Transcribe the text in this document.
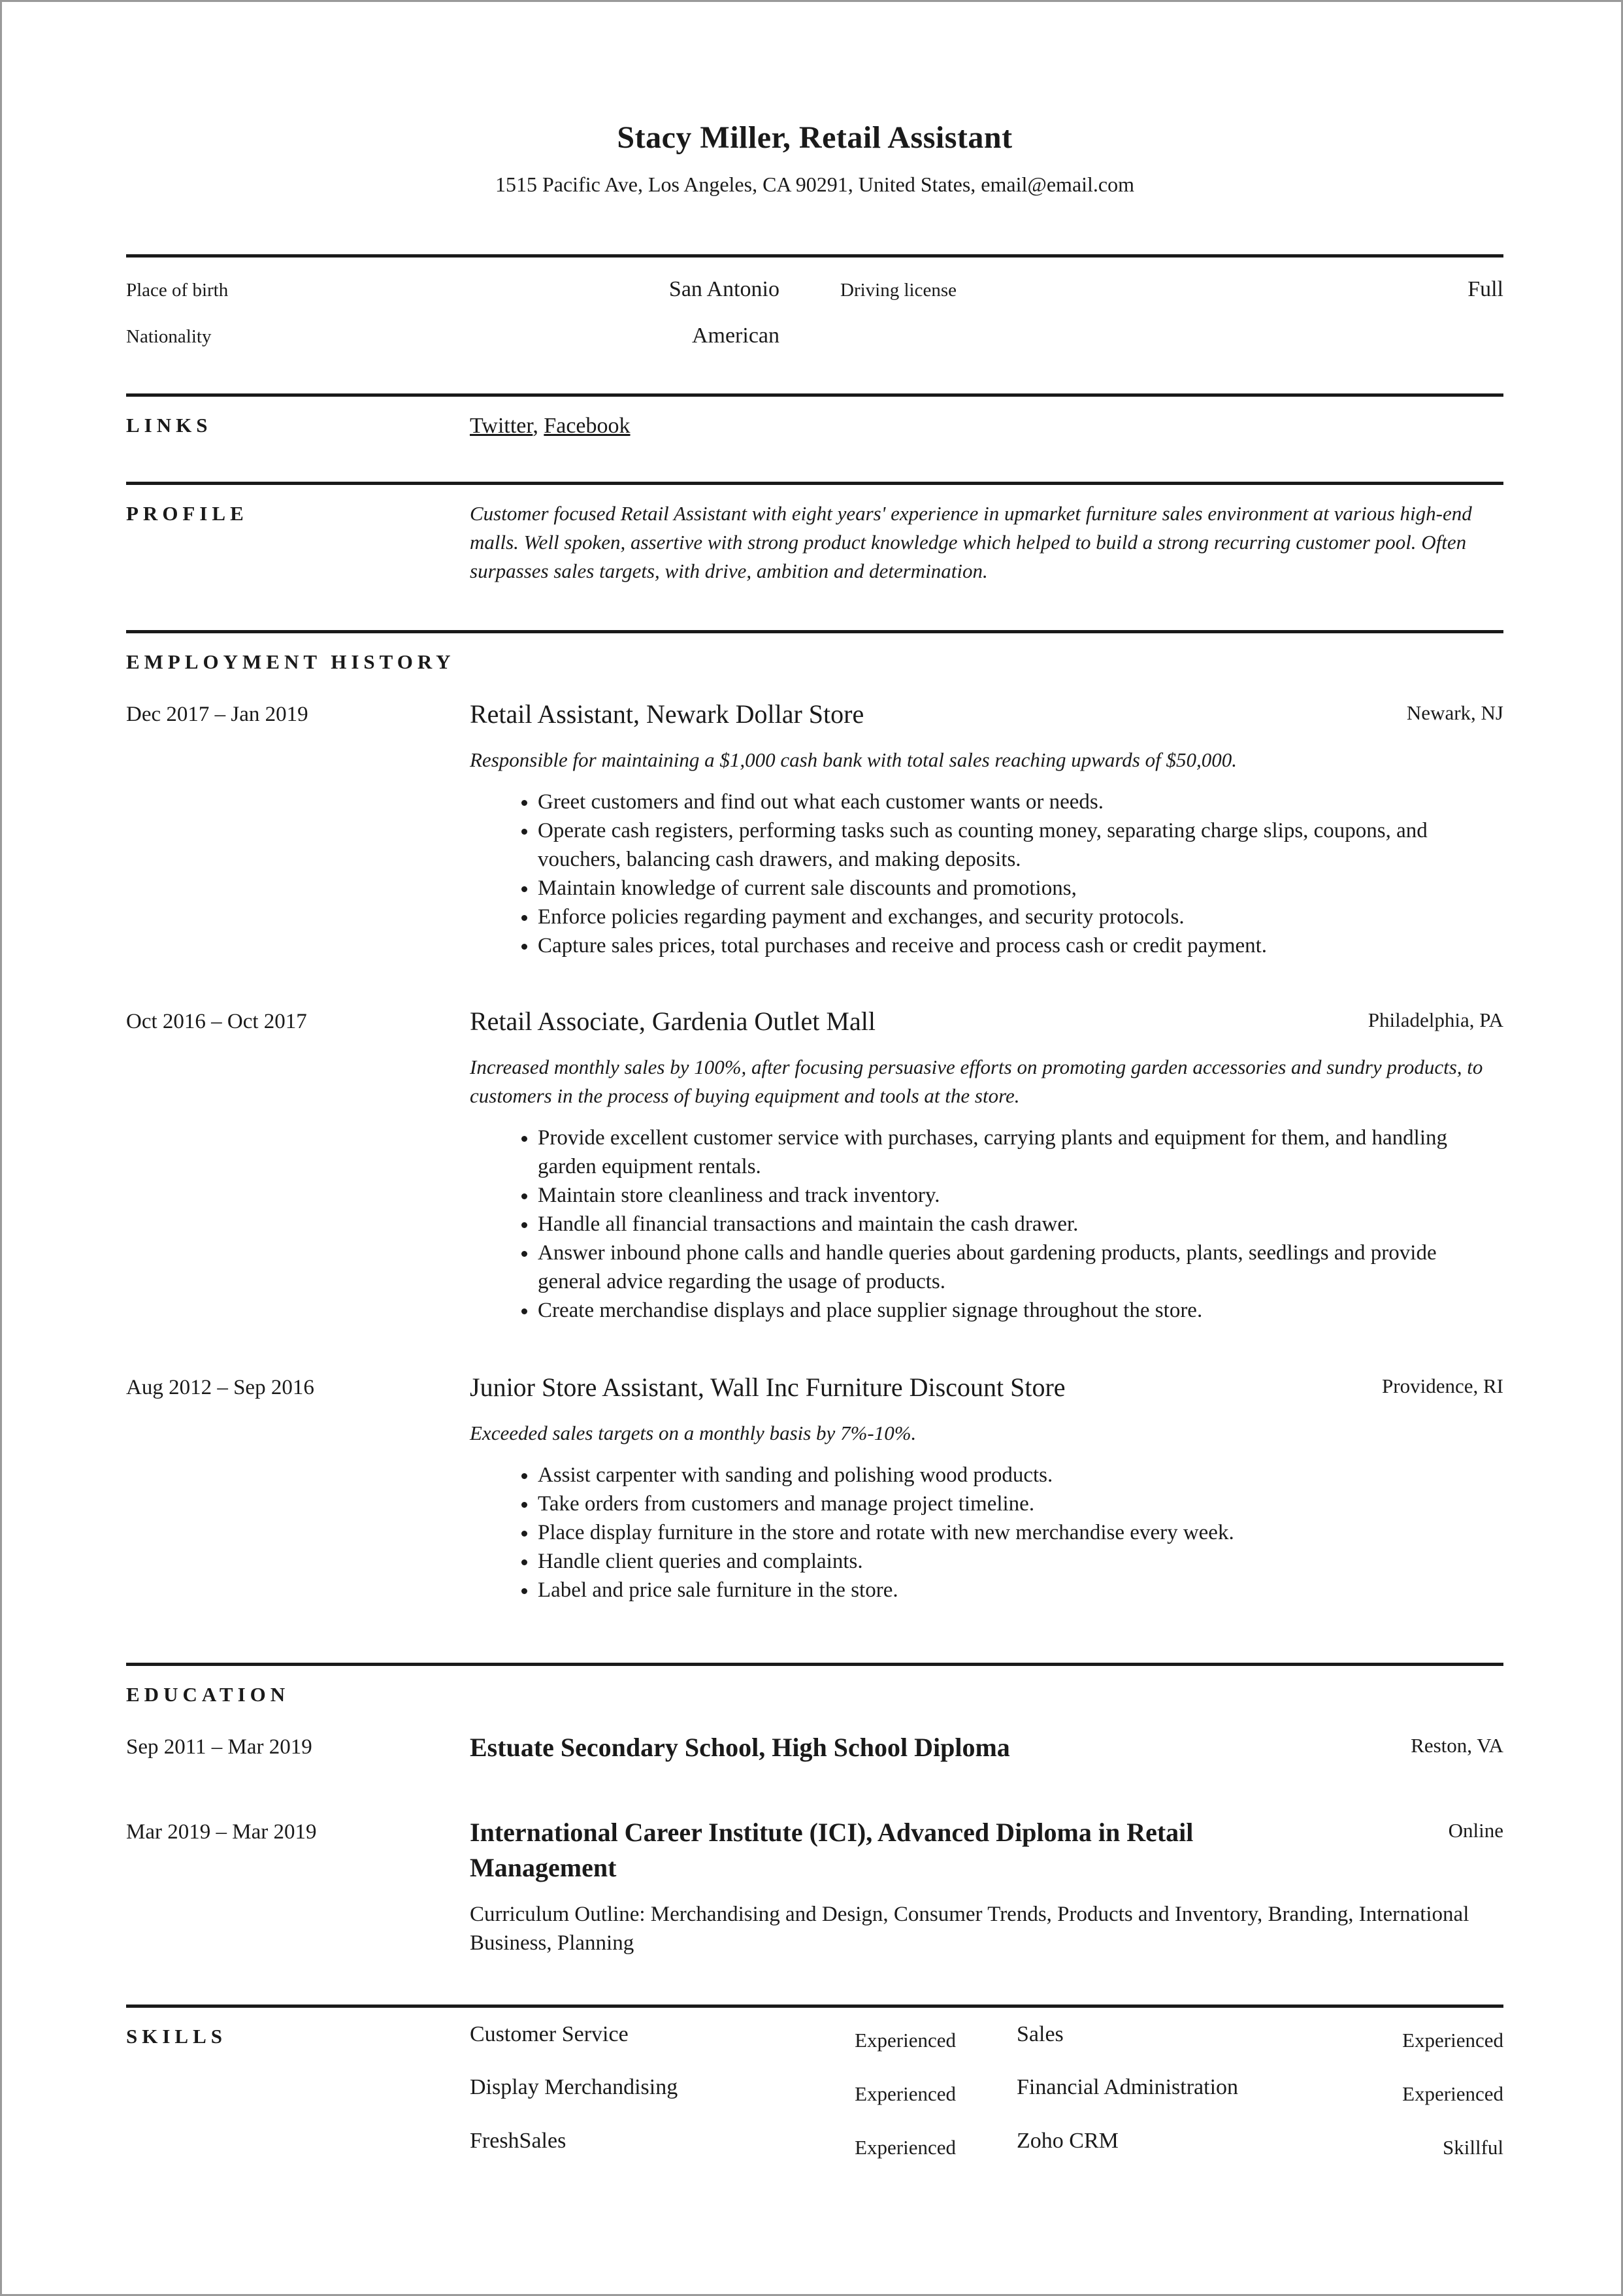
Stacy Miller, Retail Assistant
1515 Pacific Ave, Los Angeles, CA 90291, United States, email@email.com
Place of birth	San Antonio	Driving license	Full
Nationality	American
LINKS	Twitter, Facebook
PROFILE	Customer focused Retail Assistant with eight years' experience in upmarket furniture sales environment at various high-end malls. Well spoken, assertive with strong product knowledge which helped to build a strong recurring customer pool. Often surpasses sales targets, with drive, ambition and determination.
EMPLOYMENT HISTORY
Dec 2017 – Jan 2019	Retail Assistant, Newark Dollar Store	Newark, NJ
Responsible for maintaining a $1,000 cash bank with total sales reaching upwards of $50,000.
• Greet customers and find out what each customer wants or needs.
• Operate cash registers, performing tasks such as counting money, separating charge slips, coupons, and vouchers, balancing cash drawers, and making deposits.
• Maintain knowledge of current sale discounts and promotions,
• Enforce policies regarding payment and exchanges, and security protocols.
• Capture sales prices, total purchases and receive and process cash or credit payment.
Oct 2016 – Oct 2017	Retail Associate, Gardenia Outlet Mall	Philadelphia, PA
Increased monthly sales by 100%, after focusing persuasive efforts on promoting garden accessories and sundry products, to customers in the process of buying equipment and tools at the store.
• Provide excellent customer service with purchases, carrying plants and equipment for them, and handling garden equipment rentals.
• Maintain store cleanliness and track inventory.
• Handle all financial transactions and maintain the cash drawer.
• Answer inbound phone calls and handle queries about gardening products, plants, seedlings and provide general advice regarding the usage of products.
• Create merchandise displays and place supplier signage throughout the store.
Aug 2012 – Sep 2016	Junior Store Assistant, Wall Inc Furniture Discount Store	Providence, RI
Exceeded sales targets on a monthly basis by 7%-10%.
• Assist carpenter with sanding and polishing wood products.
• Take orders from customers and manage project timeline.
• Place display furniture in the store and rotate with new merchandise every week.
• Handle client queries and complaints.
• Label and price sale furniture in the store.
EDUCATION
Sep 2011 – Mar 2019	Estuate Secondary School, High School Diploma	Reston, VA
Mar 2019 – Mar 2019	International Career Institute (ICI), Advanced Diploma in Retail Management
Online
Curriculum Outline: Merchandising and Design, Consumer Trends, Products and Inventory, Branding, International Business, Planning
SKILLS	Customer Service	Experienced	Sales	Experienced
Display Merchandising	Experienced	Financial Administration	Experienced
FreshSales	Experienced	Zoho CRM	Skillful
